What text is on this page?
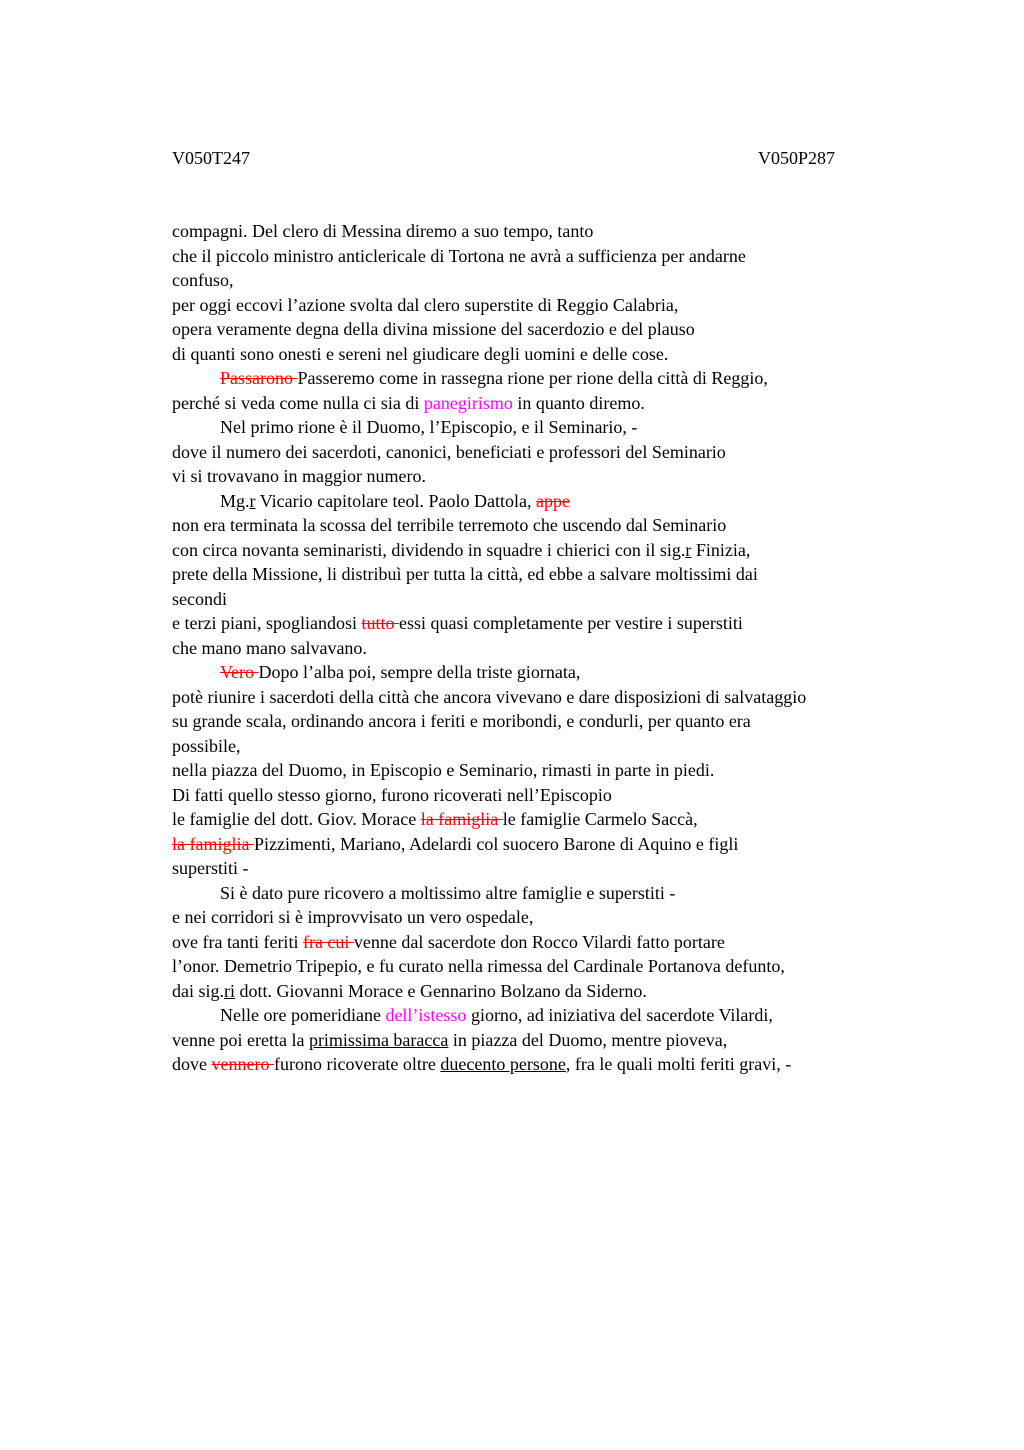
V050T247	V050P287
compagni. Del clero di Messina diremo a suo tempo, tanto
che il piccolo ministro anticlericale di Tortona ne avrà a sufficienza per andarne
confuso,
per oggi eccovi l’azione svolta dal clero superstite di Reggio Calabria,
opera veramente degna della divina missione del sacerdozio e del plauso
di quanti sono onesti e sereni nel giudicare degli uomini e delle cose.
Passarono Passeremo come in rassegna rione per rione della città di Reggio,
perché si veda come nulla ci sia di panegirismo in quanto diremo.
Nel primo rione è il Duomo, l’Episcopio, e il Seminario, -
dove il numero dei sacerdoti, canonici, beneficiati e professori del Seminario
vi si trovavano in maggior numero.
Mg.r Vicario capitolare teol. Paolo Dattola, appe
non era terminata la scossa del terribile terremoto che uscendo dal Seminario
con circa novanta seminaristi, dividendo in squadre i chierici con il sig.r Finizia,
prete della Missione, li distribuì per tutta la città, ed ebbe a salvare moltissimi dai
secondi
e terzi piani, spogliandosi tutto essi quasi completamente per vestire i superstiti
che mano mano salvavano.
Vero Dopo l’alba poi, sempre della triste giornata,
potè riunire i sacerdoti della città che ancora vivevano e dare disposizioni di salvataggio
su grande scala, ordinando ancora i feriti e moribondi, e condurli, per quanto era
possibile,
nella piazza del Duomo, in Episcopio e Seminario, rimasti in parte in piedi.
Di fatti quello stesso giorno, furono ricoverati nell’Episcopio
le famiglie del dott. Giov. Morace la famiglia le famiglie Carmelo Saccà,
la famiglia Pizzimenti, Mariano, Adelardi col suocero Barone di Aquino e figli
superstiti -
Si è dato pure ricovero a moltissimo altre famiglie e superstiti -
e nei corridori si è improvvisato un vero ospedale,
ove fra tanti feriti fra cui venne dal sacerdote don Rocco Vilardi fatto portare
l’onor. Demetrio Tripepio, e fu curato nella rimessa del Cardinale Portanova defunto,
dai sig.ri dott. Giovanni Morace e Gennarino Bolzano da Siderno.
Nelle ore pomeridiane dell’istesso giorno, ad iniziativa del sacerdote Vilardi,
venne poi eretta la primissima baracca in piazza del Duomo, mentre pioveva,
dove vennero furono ricoverate oltre duecento persone, fra le quali molti feriti gravi, -
